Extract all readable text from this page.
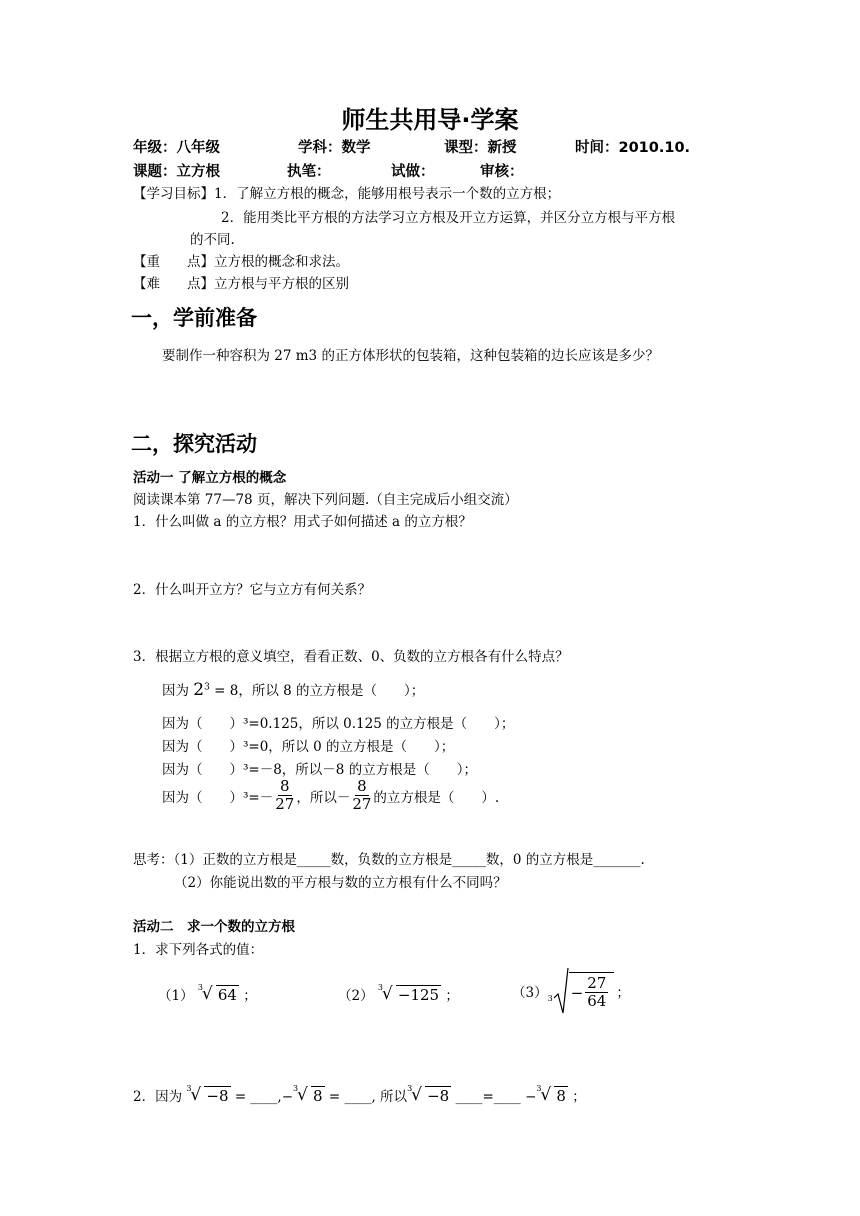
师生共用导·学案
年级：八年级	学科：数学	课型：新授	时间：2010.10.
课题：立方根	执笔：	试做：	审核：
【学习目标】1．了解立方根的概念，能够用根号表示一个数的立方根；
2．能用类比平方根的方法学习立方根及开立方运算，并区分立方根与平方根
的不同.
【重　　点】立方根的概念和求法。
【难　　点】立方根与平方根的区别
一，学前准备
要制作一种容积为 27 m3 的正方体形状的包装箱，这种包装箱的边长应该是多少？
二，探究活动
活动一 了解立方根的概念
阅读课本第 77—78 页，解决下列问题.（自主完成后小组交流）
1．什么叫做 a 的立方根？用式子如何描述 a 的立方根？
2．什么叫开立方？它与立方有何关系？
3．根据立方根的意义填空，看看正数、0、负数的立方根各有什么特点？
因为 $2^3 = 8$，所以 8 的立方根是（　　）；
因为（　　）³=0.125，所以 0.125 的立方根是（　　）；
因为（　　）³=0，所以 0 的立方根是（　　）；
因为（　　）³=－8，所以－8 的立方根是（　　）；
因为（　　）$^3=- \frac{8}{27}$ ，所以－ $\frac{8}{27}$ 的立方根是（　　）.
思考：（1）正数的立方根是_____数，负数的立方根是_____数，0 的立方根是_______.
（2）你能说出数的平方根与数的立方根有什么不同吗？
活动二　求一个数的立方根
1．求下列各式的值：
（1）
3
√ 64 ；	（2）
3
√ −125 ；	（3） $3 - \frac{27}{64}$ ；
2．因为
3
√ −8 = ____,−
3
√ 8 = ____, 所以
3
√ −8 ____=____ −
3
√ 8 ；
